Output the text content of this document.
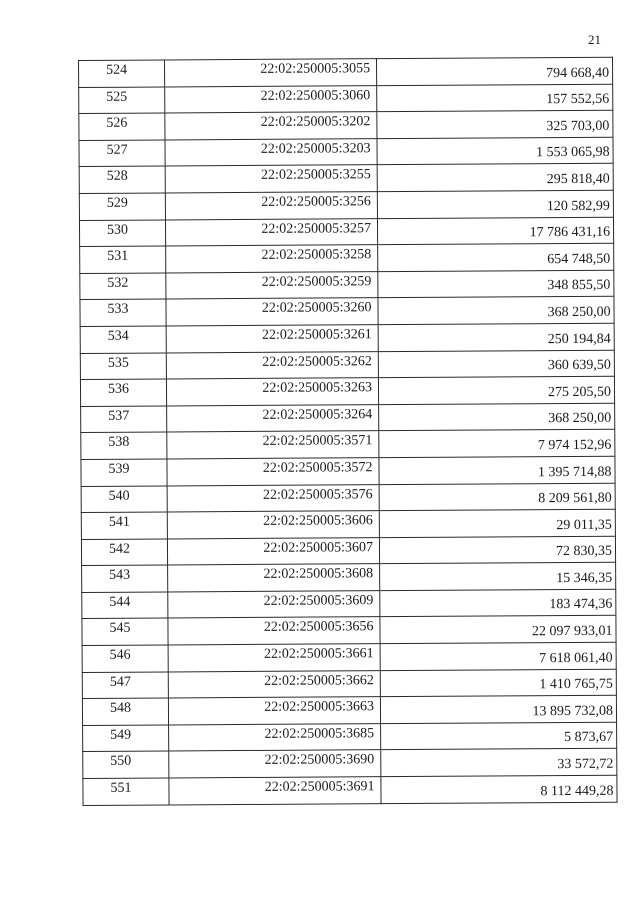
21
524	22:02:250005:3055	794 668,40
525	22:02:250005:3060	157 552,56
526	22:02:250005:3202	325 703,00
527	22:02:250005:3203	1 553 065,98
528	22:02:250005:3255	295 818,40
529	22:02:250005:3256	120 582,99
530	22:02:250005:3257	17 786 431,16
531	22:02:250005:3258	654 748,50
532	22:02:250005:3259	348 855,50
533	22:02:250005:3260	368 250,00
534	22:02:250005:3261	250 194,84
535	22:02:250005:3262	360 639,50
536	22:02:250005:3263	275 205,50
537	22:02:250005:3264	368 250,00
538	22:02:250005:3571	7 974 152,96
539	22:02:250005:3572	1 395 714,88
540	22:02:250005:3576	8 209 561,80
541	22:02:250005:3606	29 011,35
542	22:02:250005:3607	72 830,35
543	22:02:250005:3608	15 346,35
544	22:02:250005:3609	183 474,36
545	22:02:250005:3656	22 097 933,01
546	22:02:250005:3661	7 618 061,40
547	22:02:250005:3662	1 410 765,75
548	22:02:250005:3663	13 895 732,08
549	22:02:250005:3685	5 873,67
550	22:02:250005:3690	33 572,72
551	22:02:250005:3691	8 112 449,28
